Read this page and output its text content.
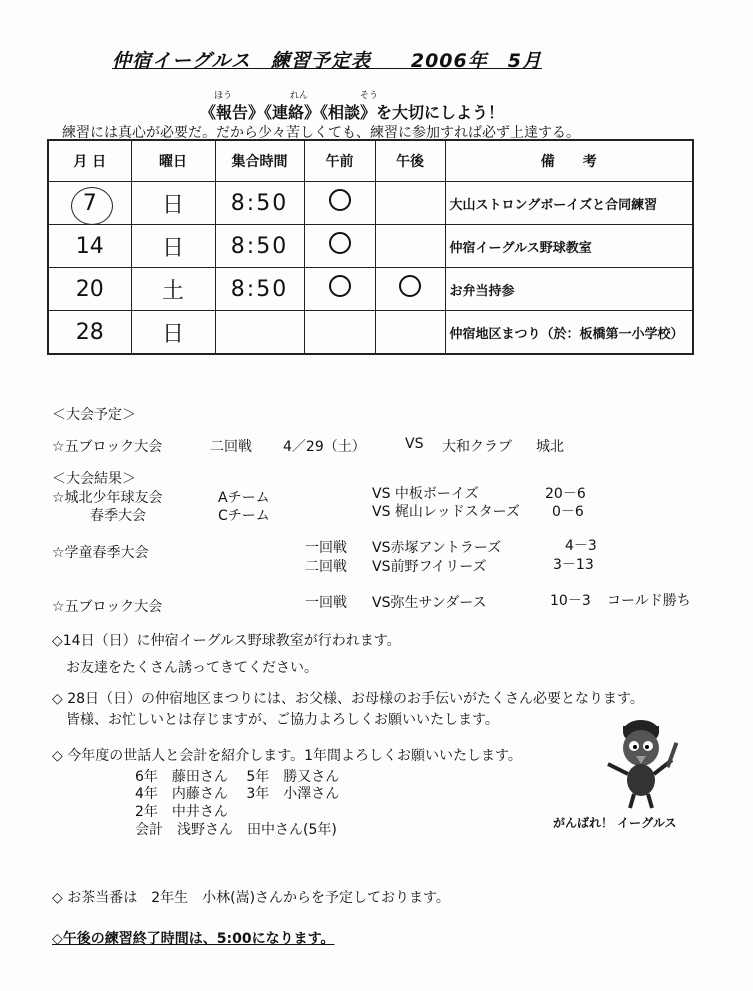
仲宿イーグルス　練習予定表　　2006年　5月
ほう	れん	そう
《報告》《連絡》《相談》を大切にしよう！
練習には真心が必要だ。だから少々苦しくても、練習に参加すれば必ず上達する。
月 日	曜日	集合時間	午前	午後	備　　考

7	日	8:50			大山ストロングボーイズと合同練習
14	日	8:50			仲宿イーグルス野球教室
20	土	8:50			お弁当持参
28	日				仲宿地区まつり（於：板橋第一小学校）
＜大会予定＞
☆五ブロック大会	二回戦 4／29（土）	VS 大和クラブ 城北
＜大会結果＞
☆城北少年球友会
春季大会
Aチーム	VS 中板ボーイズ	20－6
Cチーム	VS 梶山レッドスターズ 0－6
☆学童春季大会	一回戦 VS赤塚アントラーズ	4－3
二回戦 VS前野フイリーズ	3－13
☆五ブロック大会	一回戦 VS弥生サンダース	10－3 コールド勝ち
◇14日（日）に仲宿イーグルス野球教室が行われます。
お友達をたくさん誘ってきてください。
◇ 28日（日）の仲宿地区まつりには、お父様、お母様のお手伝いがたくさん必要となります。
皆様、お忙しいとは存じますが、ご協力よろしくお願いいたします。
◇ 今年度の世話人と会計を紹介します。1年間よろしくお願いいたします。
6年　藤田さん　 5年　勝又さん
4年　内藤さん　 3年　小澤さん
2年　中井さん
会計　浅野さん　田中さん(5年)
◇ お茶当番は　2年生　小林(嵩)さんからを予定しております。
◇午後の練習終了時間は、5:00になります。
がんばれ！ イーグルス
